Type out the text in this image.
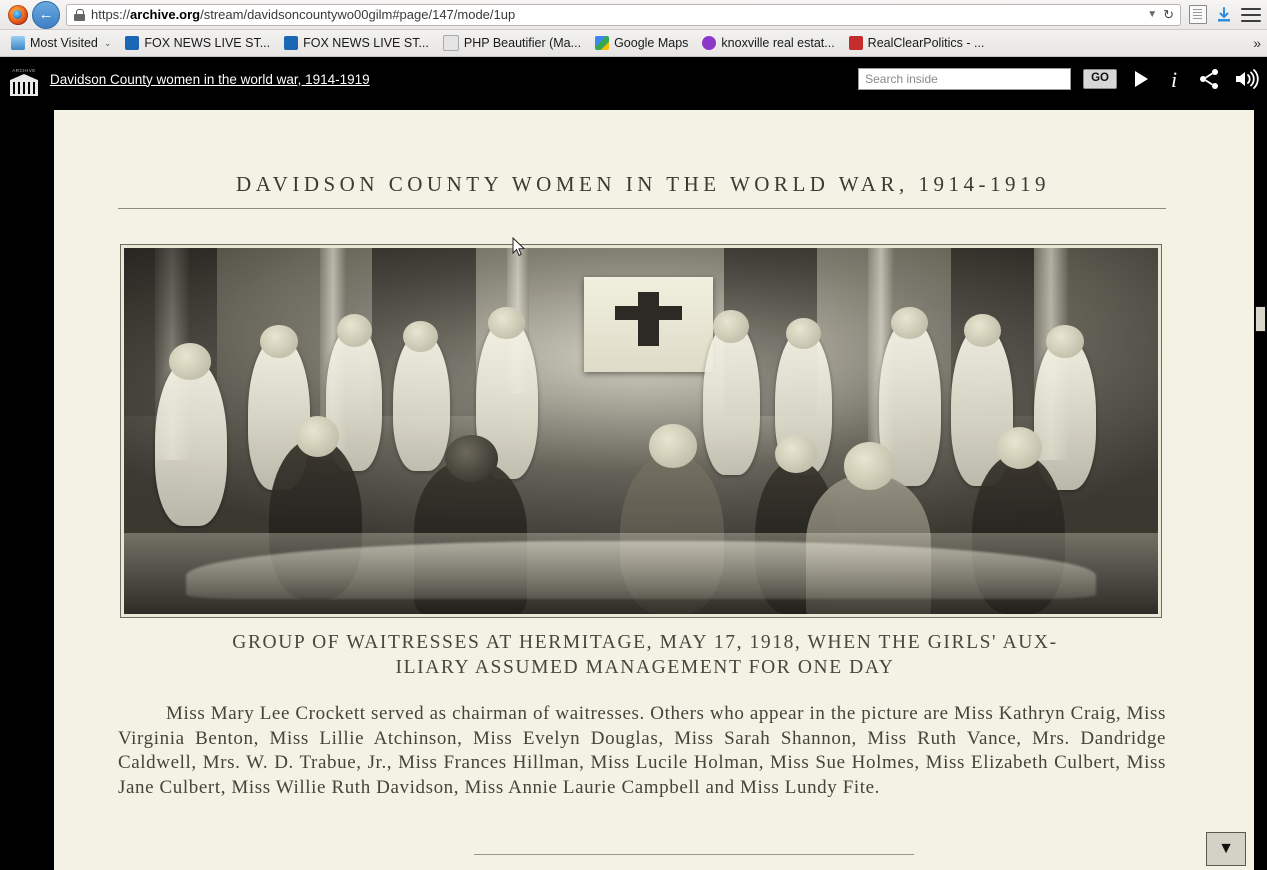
←	https://archive.org/stream/davidsoncountywo00gilm#page/147/mode/1up	▼ ↻
Most Visited ⌄	FOX NEWS LIVE ST...	FOX NEWS LIVE ST...	PHP Beautifier (Ma...	Google Maps	knoxville real estat...	RealClearPolitics - ...	»
ARCHIVE
Davidson County women in the world war, 1914-1919	Search inside	GO	i
DAVIDSON COUNTY WOMEN IN THE WORLD WAR, 1914-1919
GROUP OF WAITRESSES AT HERMITAGE, MAY 17, 1918, WHEN THE GIRLS' AUX-
ILIARY ASSUMED MANAGEMENT FOR ONE DAY
Miss Mary Lee Crockett served as chairman of waitresses. Others who appear in the picture are Miss Kathryn Craig, Miss Virginia Benton, Miss Lillie Atchinson, Miss Evelyn Douglas, Miss Sarah Shannon, Miss Ruth Vance, Mrs. Dandridge Caldwell, Mrs. W. D. Trabue, Jr., Miss Frances Hillman, Miss Lucile Holman, Miss Sue Holmes, Miss Elizabeth Culbert, Miss Jane Culbert, Miss Willie Ruth Davidson, Miss Annie Laurie Campbell and Miss Lundy Fite.
▼
